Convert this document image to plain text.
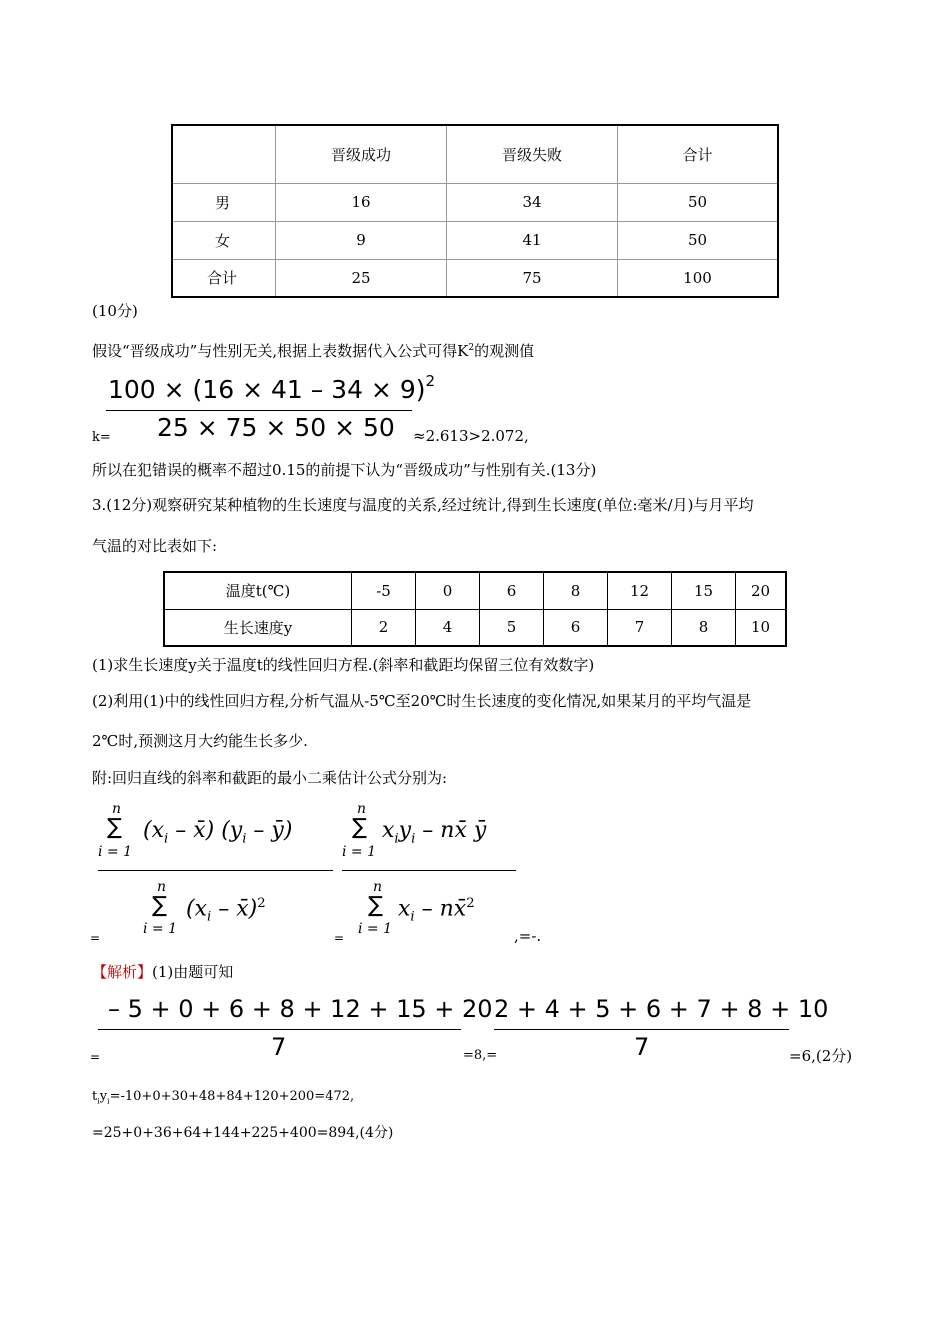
	晋级成功	晋级失败	合计
男	16	34	50
女	9	41	50
合计	25	75	100
(10分)
假设“晋级成功”与性别无关,根据上表数据代入公式可得$K^2$的观测值
$100 \times (16 \times 41 - 34 \times 9)^2$
25 × 75 × 50 × 50
k=	≈2.613>2.072,
所以在犯错误的概率不超过0.15的前提下认为“晋级成功”与性别有关.(13分)
3.(12分)观察研究某种植物的生长速度与温度的关系,经过统计,得到生长速度(单位:毫米/月)与月平均
气温的对比表如下:
温度t(℃)	-5	0	6	8	12	15	20
生长速度y	2	4	5	6	7	8	10
(1)求生长速度y关于温度t的线性回归方程.(斜率和截距均保留三位有效数字)
(2)利用(1)中的线性回归方程,分析气温从-5℃至20℃时生长速度的变化情况,如果某月的平均气温是
2℃时,预测这月大约能生长多少.
附:回归直线的斜率和截距的最小二乘估计公式分别为:
n
∑
i = 1
($x_i$ – x̄) ($y_i$ – ȳ)
n
∑
i = 1
($x_i$ – x̄)$^2$
=
n
∑
i = 1
$x_iy_i$ – nx̄ ȳ
n
∑
i = 1
$x_i$ – nx̄$^2$
=	,=-.
【解析】(1)由题可知
– 5 + 0 + 6 + 8 + 12 + 15 + 20
7
=	=8,=
2 + 4 + 5 + 6 + 7 + 8 + 10
7	=6,(2分)
$t_iy_i=-10+0+30+48+84+120+200=472$,
=25+0+36+64+144+225+400=894,(4分)
